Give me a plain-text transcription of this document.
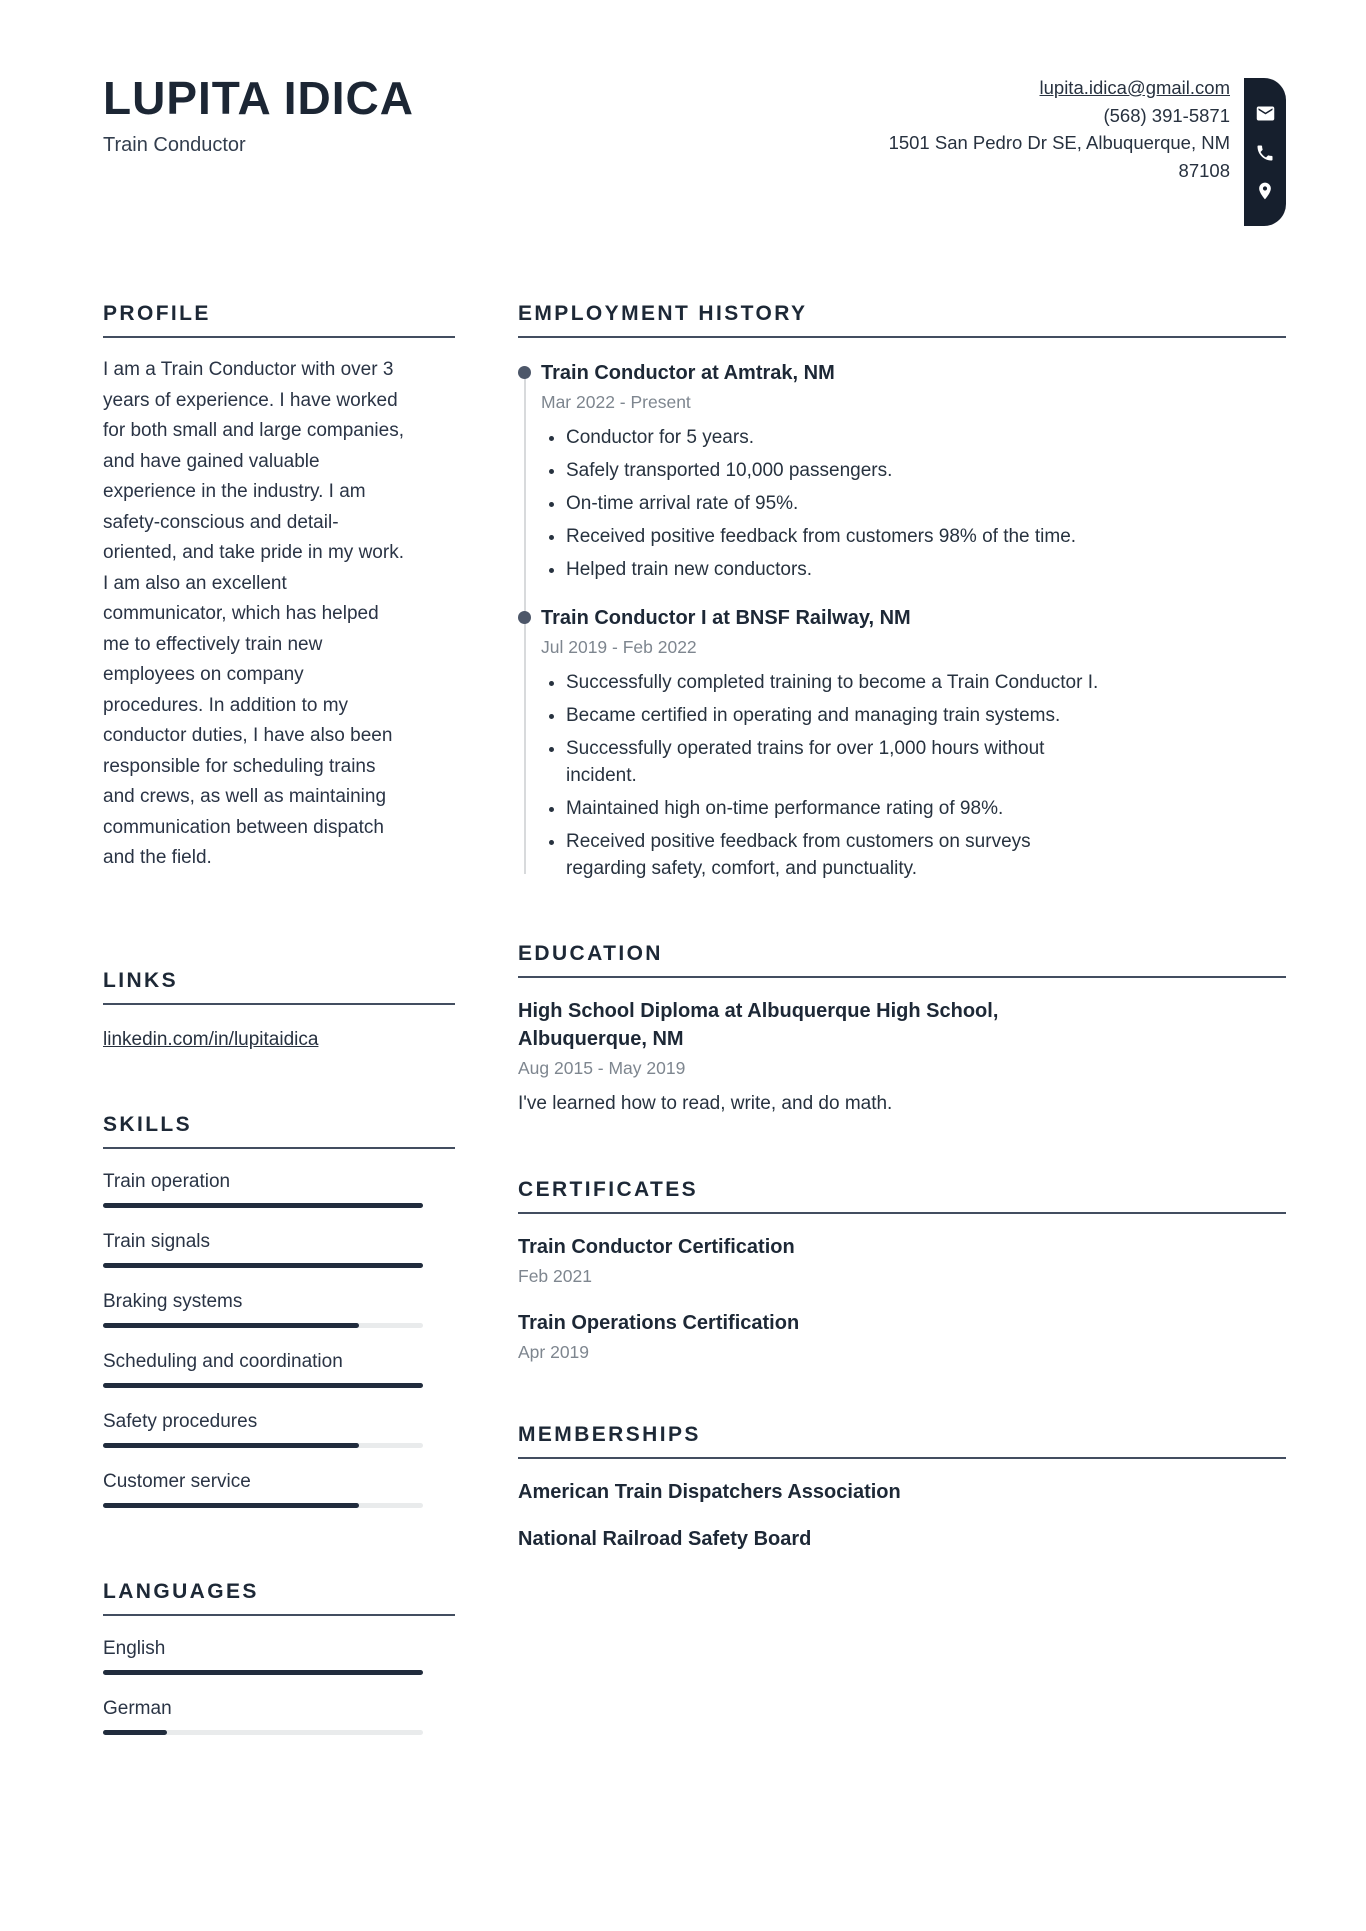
LUPITA IDICA
Train Conductor
lupita.idica@gmail.com
(568) 391-5871
1501 San Pedro Dr SE, Albuquerque, NM
87108
PROFILE

I am a Train Conductor with over 3 years of experience. I have worked for both small and large companies, and have gained valuable experience in the industry. I am safety-conscious and detail-oriented, and take pride in my work. I am also an excellent communicator, which has helped me to effectively train new employees on company procedures. In addition to my conductor duties, I have also been responsible for scheduling trains and crews, as well as maintaining communication between dispatch and the field.

LINKS
linkedin.com/in/lupitaidica
SKILLS
Train operation
Train signals
Braking systems
Scheduling and coordination
Safety procedures
Customer service
LANGUAGES
English
German
EMPLOYMENT HISTORY
Train Conductor at Amtrak, NM
Mar 2022 - Present
• Conductor for 5 years.
• Safely transported 10,000 passengers.
• On-time arrival rate of 95%.
• Received positive feedback from customers 98% of the time.
• Helped train new conductors.
Train Conductor I at BNSF Railway, NM
Jul 2019 - Feb 2022
• Successfully completed training to become a Train Conductor I.
• Became certified in operating and managing train systems.
• Successfully operated trains for over 1,000 hours without incident.
• Maintained high on-time performance rating of 98%.
• Received positive feedback from customers on surveys regarding safety, comfort, and punctuality.
EDUCATION
High School Diploma at Albuquerque High School, Albuquerque, NM
Aug 2015 - May 2019
I've learned how to read, write, and do math.
CERTIFICATES
Train Conductor Certification
Feb 2021
Train Operations Certification
Apr 2019
MEMBERSHIPS
American Train Dispatchers Association
National Railroad Safety Board
